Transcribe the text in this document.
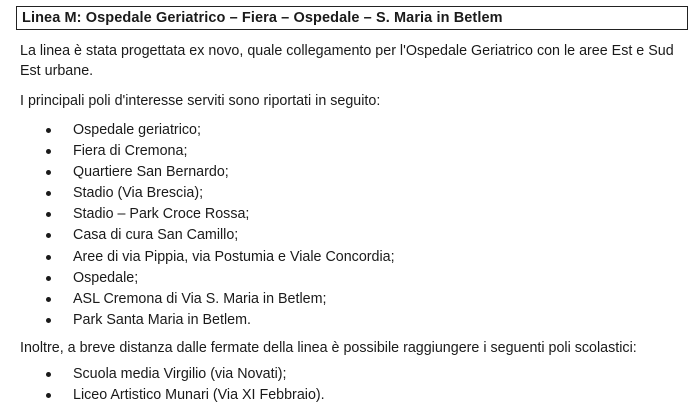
Linea M: Ospedale Geriatrico – Fiera – Ospedale – S. Maria in Betlem

La linea è stata progettata ex novo, quale collegamento per l'Ospedale Geriatrico con le aree Est e Sud Est urbane.

I principali poli d'interesse serviti sono riportati in seguito:

Ospedale geriatrico;
Fiera di Cremona;
Quartiere San Bernardo;
Stadio (Via Brescia);
Stadio – Park Croce Rossa;
Casa di cura San Camillo;
Aree di via Pippia, via Postumia e Viale Concordia;
Ospedale;
ASL Cremona di Via S. Maria in Betlem;
Park Santa Maria in Betlem.

Inoltre, a breve distanza dalle fermate della linea è possibile raggiungere i seguenti poli scolastici:

Scuola media Virgilio (via Novati);
Liceo Artistico Munari (Via XI Febbraio).
